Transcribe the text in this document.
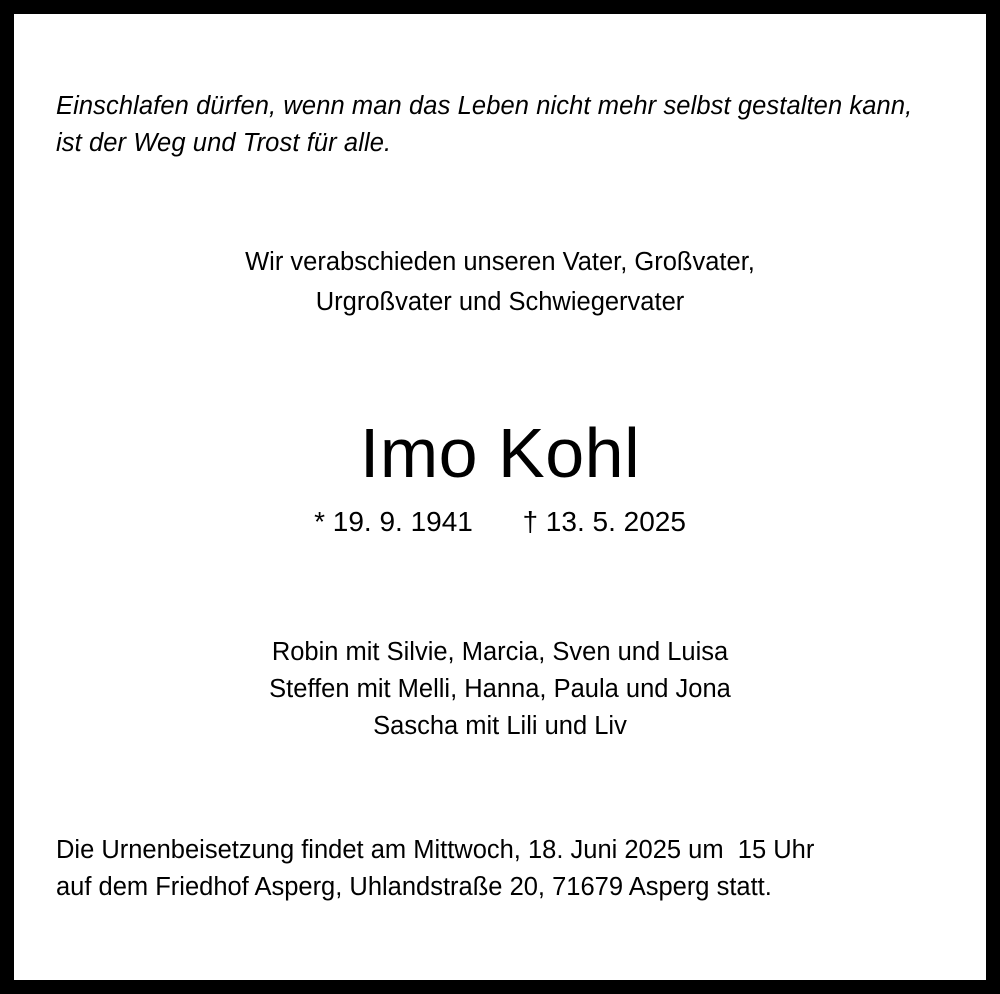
Einschlafen dürfen, wenn man das Leben nicht mehr selbst gestalten kann,
ist der Weg und Trost für alle.
Wir verabschieden unseren Vater, Großvater,
Urgroßvater und Schwiegervater
Imo Kohl
* 19. 9. 1941 † 13. 5. 2025
Robin mit Silvie, Marcia, Sven und Luisa
Steffen mit Melli, Hanna, Paula und Jona
Sascha mit Lili und Liv
Die Urnenbeisetzung findet am Mittwoch, 18. Juni 2025 um  15 Uhr
auf dem Friedhof Asperg, Uhlandstraße 20, 71679 Asperg statt.
